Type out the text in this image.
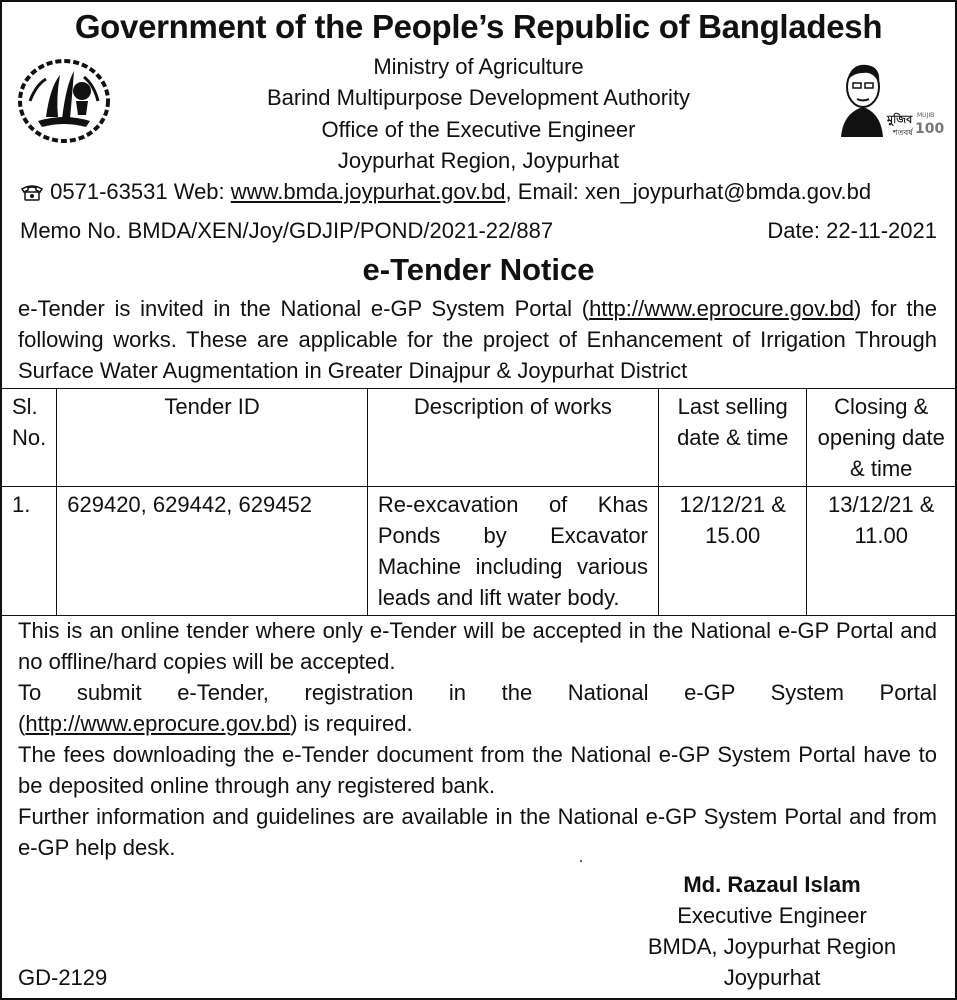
Government of the People’s Republic of Bangladesh
Ministry of Agriculture
Barind Multipurpose Development Authority
Office of the Executive Engineer
Joypurhat Region, Joypurhat
মুজিব
শতবর্ষ
MUJIB
100
0571-63531 Web: www.bmda.joypurhat.gov.bd, Email: xen_joypurhat@bmda.gov.bd
Memo No. BMDA/XEN/Joy/GDJIP/POND/2021-22/887	Date: 22-11-2021
e-Tender Notice
e-Tender is invited in the National e-GP System Portal (http://www.eprocure.gov.bd) for the following works. These are applicable for the project of Enhancement of Irrigation Through Surface Water Augmentation in Greater Dinajpur & Joypurhat District
Sl.
No.	Tender ID	Description of works	Last selling date & time	Closing & opening date & time
1.	629420, 629442, 629452	Re-excavation of Khas Ponds by Excavator Machine including various leads and lift water body.	12/12/21 & 15.00	13/12/21 & 11.00

This is an online tender where only e-Tender will be accepted in the National e-GP Portal and no offline/hard copies will be accepted.

To submit e-Tender, registration in the National e-GP System Portal

(http://www.eprocure.gov.bd) is required.

The fees downloading the e-Tender document from the National e-GP System Portal have to be deposited online through any registered bank.

Further information and guidelines are available in the National e-GP System Portal and from e-GP help desk.

Md. Razaul Islam
Executive Engineer
BMDA, Joypurhat Region
Joypurhat
GD-2129
